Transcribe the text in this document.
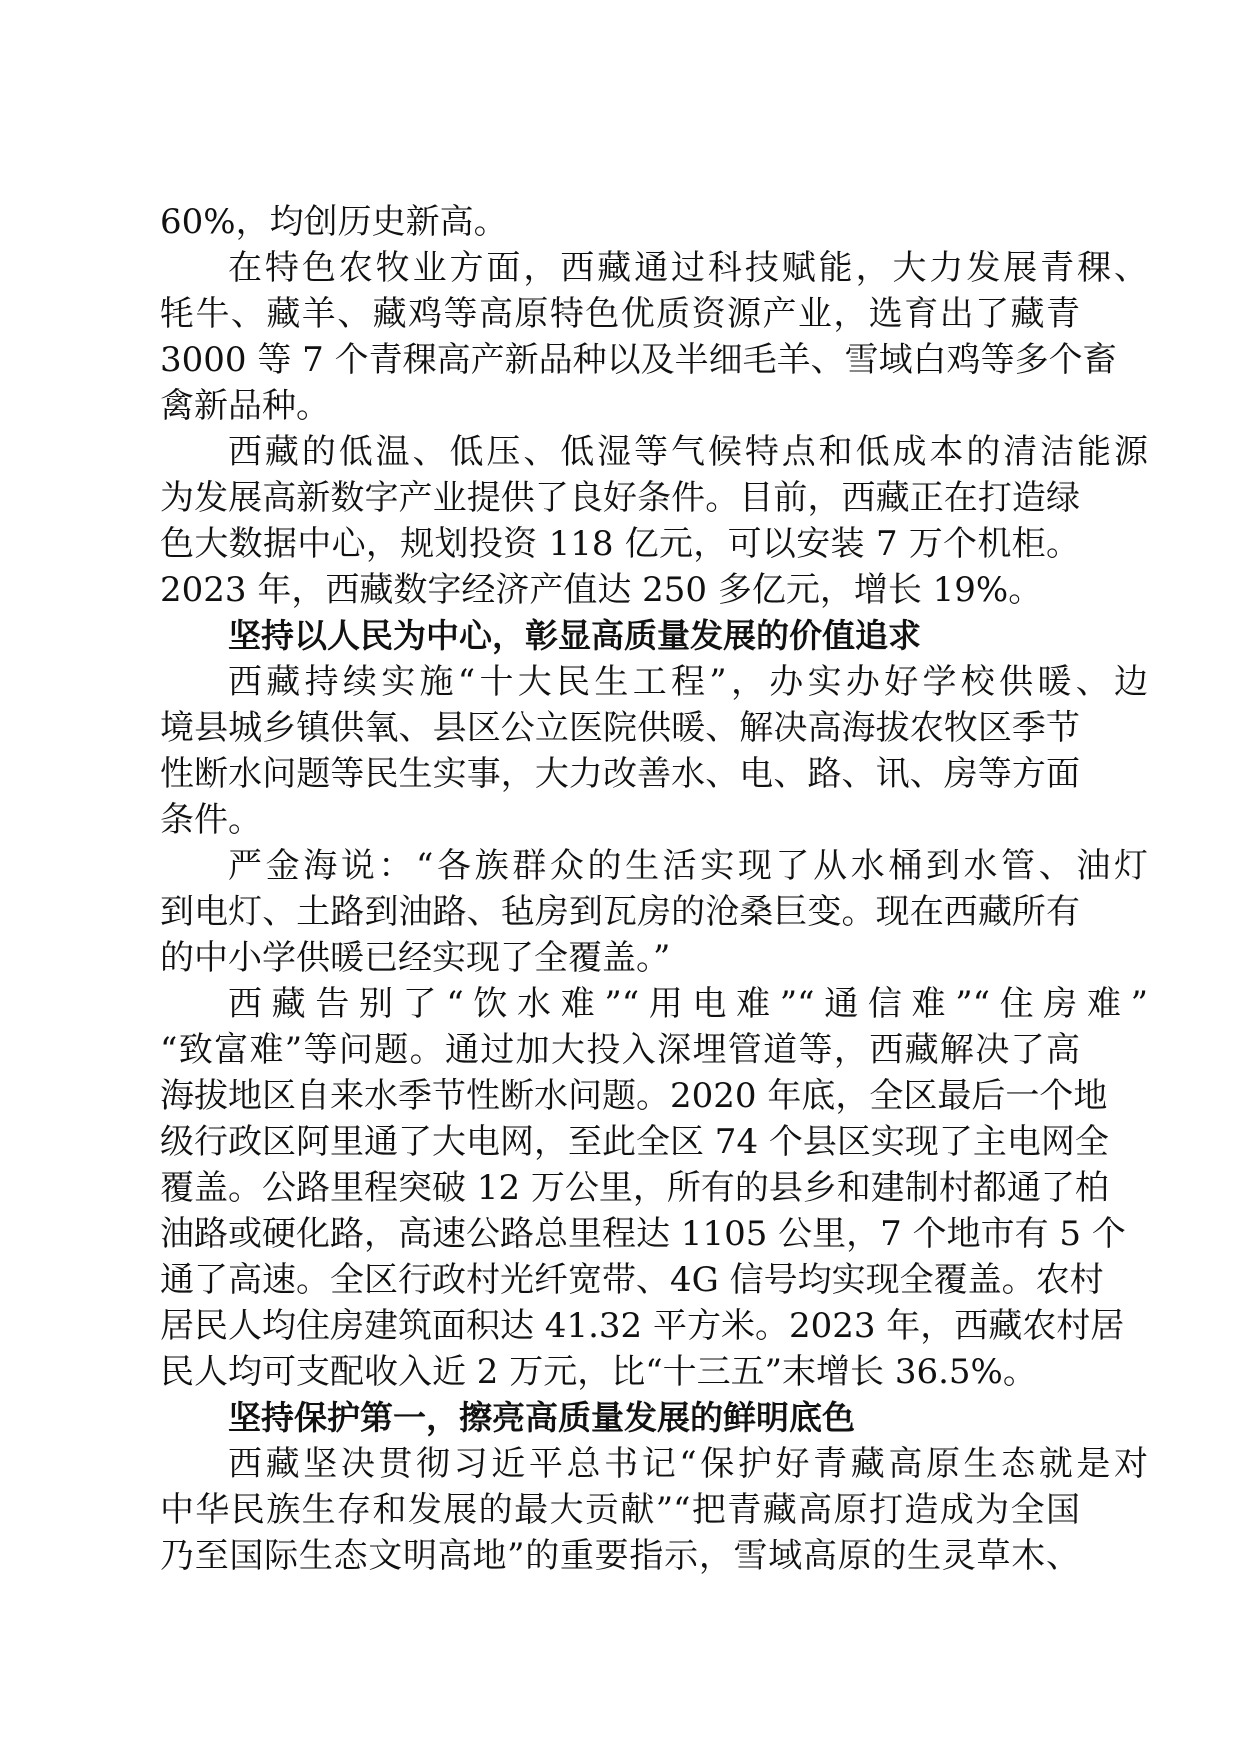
60%，均创历史新高。
在特色农牧业方面，西藏通过科技赋能，大力发展青稞、
牦牛、藏羊、藏鸡等高原特色优质资源产业，选育出了藏青
3000 等 7 个青稞高产新品种以及半细毛羊、雪域白鸡等多个畜
禽新品种。
西藏的低温、低压、低湿等气候特点和低成本的清洁能源
为发展高新数字产业提供了良好条件。目前，西藏正在打造绿
色大数据中心，规划投资 118 亿元，可以安装 7 万个机柜。
2023 年，西藏数字经济产值达 250 多亿元，增长 19%。
坚持以人民为中心，彰显高质量发展的价值追求
西藏持续实施“十大民生工程”，办实办好学校供暖、边
境县城乡镇供氧、县区公立医院供暖、解决高海拔农牧区季节
性断水问题等民生实事，大力改善水、电、路、讯、房等方面
条件。
严金海说：“各族群众的生活实现了从水桶到水管、油灯
到电灯、土路到油路、毡房到瓦房的沧桑巨变。现在西藏所有
的中小学供暖已经实现了全覆盖。”
西藏告别了“饮水难”“用电难”“通信难”“住房难”
“致富难”等问题。通过加大投入深埋管道等，西藏解决了高
海拔地区自来水季节性断水问题。2020 年底，全区最后一个地
级行政区阿里通了大电网，至此全区 74 个县区实现了主电网全
覆盖。公路里程突破 12 万公里，所有的县乡和建制村都通了柏
油路或硬化路，高速公路总里程达 1105 公里，7 个地市有 5 个
通了高速。全区行政村光纤宽带、4G 信号均实现全覆盖。农村
居民人均住房建筑面积达 41.32 平方米。2023 年，西藏农村居
民人均可支配收入近 2 万元，比“十三五”末增长 36.5%。
坚持保护第一，擦亮高质量发展的鲜明底色
西藏坚决贯彻习近平总书记“保护好青藏高原生态就是对
中华民族生存和发展的最大贡献”“把青藏高原打造成为全国
乃至国际生态文明高地”的重要指示，雪域高原的生灵草木、
